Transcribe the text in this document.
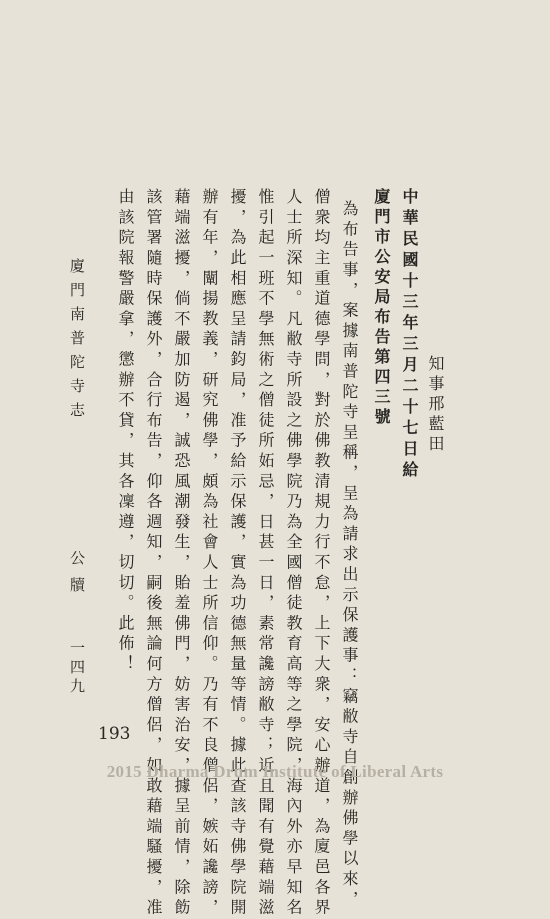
知事邢藍田
中華民國十三年三月二十七日給
廈門市公安局布告第四三號
為布告事，案據南普陀寺呈稱，呈為請求出示保護事：竊敝寺自創辦佛學以來，
僧衆均主重道德學問，對於佛教清規力行不怠，上下大衆，安心辦道，為廈邑各界
人士所深知。凡敝寺所設之佛學院乃為全國僧徒教育高等之學院，海內外亦早知名
惟引起一班不學無術之僧徒所妬忌，日甚一日，素常讒謗敝寺；近且聞有覺藉端滋
擾，為此相應呈請鈞局，准予給示保護，實為功德無量等情。據此查該寺佛學院開
辦有年，闡揚教義，研究佛學，頗為社會人士所信仰。乃有不良僧侶，嫉妬讒謗，
藉端滋擾，倘不嚴加防遏，誠恐風潮發生，貽羞佛門，妨害治安，據呈前情，除飭
該管署隨時保護外，合行布告，仰各週知，嗣後無論何方僧侶，如敢藉端騷擾，准
由該院報警嚴拿，懲辦不貸，其各凜遵，切切。此佈！
廈門南普陀寺志
193
2015 Dharma Drum Institute of Liberal Arts
公牘
一四九
